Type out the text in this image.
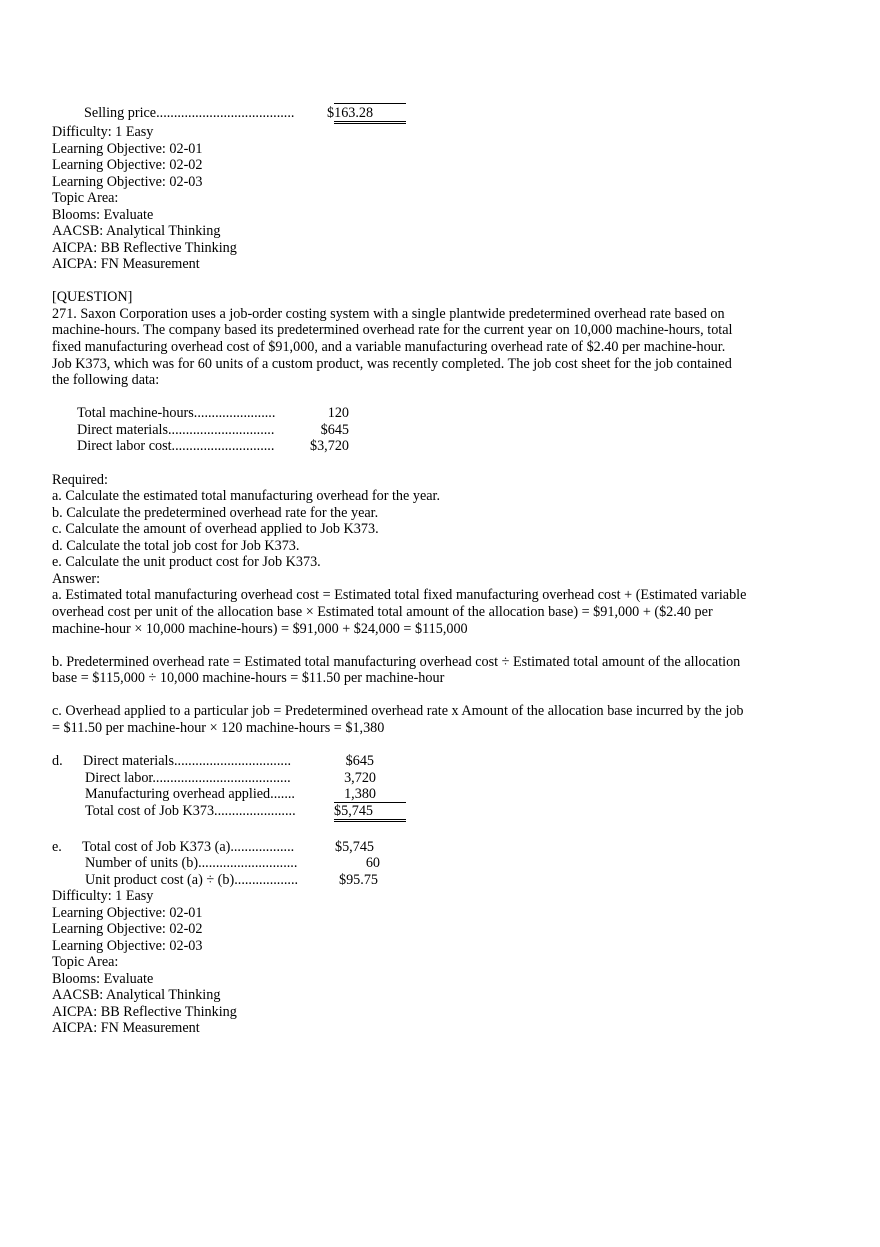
Selling price....................................... $163.28
Difficulty: 1 Easy
Learning Objective: 02-01
Learning Objective: 02-02
Learning Objective: 02-03
Topic Area:
Blooms: Evaluate
AACSB: Analytical Thinking
AICPA: BB Reflective Thinking
AICPA: FN Measurement
[QUESTION]
271. Saxon Corporation uses a job-order costing system with a single plantwide predetermined overhead rate based on
machine-hours. The company based its predetermined overhead rate for the current year on 10,000 machine-hours, total
fixed manufacturing overhead cost of $91,000, and a variable manufacturing overhead rate of $2.40 per machine-hour.
Job K373, which was for 60 units of a custom product, was recently completed. The job cost sheet for the job contained
the following data:
Total machine-hours.......................	120
Direct materials..............................	$645
Direct labor cost.............................	$3,720
Required:
a. Calculate the estimated total manufacturing overhead for the year.
b. Calculate the predetermined overhead rate for the year.
c. Calculate the amount of overhead applied to Job K373.
d. Calculate the total job cost for Job K373.
e. Calculate the unit product cost for Job K373.
Answer:
a. Estimated total manufacturing overhead cost = Estimated total fixed manufacturing overhead cost + (Estimated variable
overhead cost per unit of the allocation base × Estimated total amount of the allocation base) = $91,000 + ($2.40 per
machine-hour × 10,000 machine-hours) = $91,000 + $24,000 = $115,000
b. Predetermined overhead rate = Estimated total manufacturing overhead cost ÷ Estimated total amount of the allocation
base = $115,000 ÷ 10,000 machine-hours = $11.50 per machine-hour
c. Overhead applied to a particular job = Predetermined overhead rate x Amount of the allocation base incurred by the job
= $11.50 per machine-hour × 120 machine-hours = $1,380
d. Direct materials.................................	$645
Direct labor.......................................	3,720
Manufacturing overhead applied.......	1,380
Total cost of Job K373.......................	$5,745
e. Total cost of Job K373 (a)..................	$5,745
Number of units (b)............................	60
Unit product cost (a) ÷ (b)..................	$95.75
Difficulty: 1 Easy
Learning Objective: 02-01
Learning Objective: 02-02
Learning Objective: 02-03
Topic Area:
Blooms: Evaluate
AACSB: Analytical Thinking
AICPA: BB Reflective Thinking
AICPA: FN Measurement
